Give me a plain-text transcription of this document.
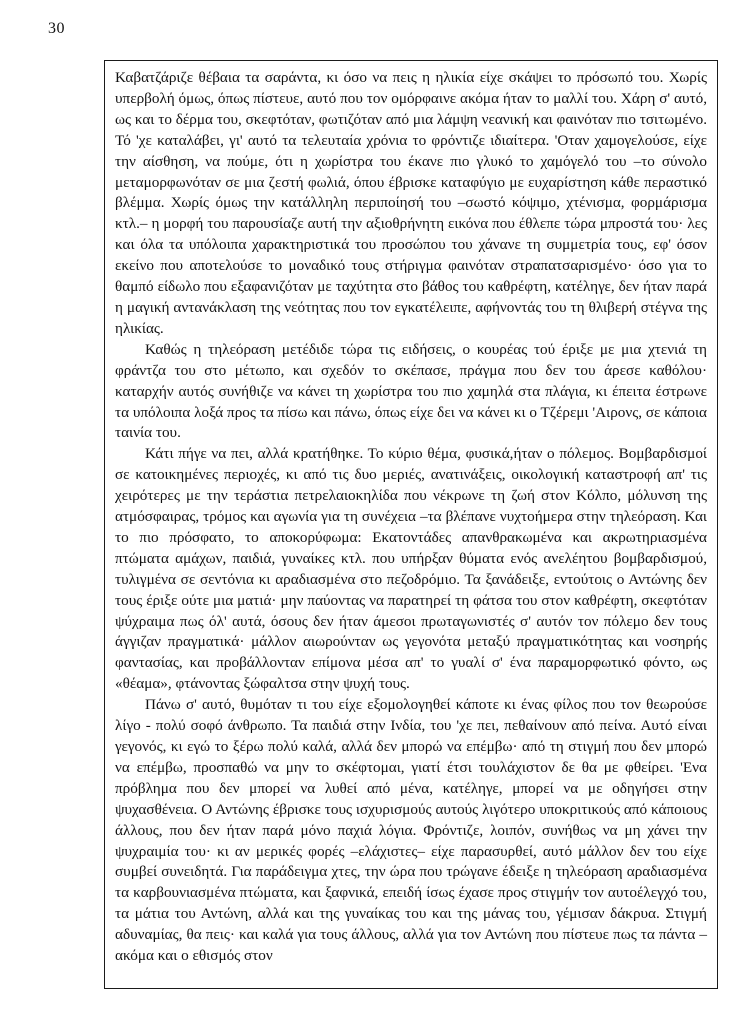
30

Καβατζάριζε θέβαια τα σαράντα, κι όσο να πεις η ηλικία είχε σκάψει το πρόσωπό του. Χωρίς υπερβολή όμως, όπως πίστευε, αυτό που τον ομόρφαινε ακόμα ήταν το μαλλί του. Χάρη σ' αυτό, ως και το δέρμα του, σκεφτόταν, φωτιζόταν από μια λάμψη νεανική και φαινόταν πιο τσιτωμένο. Τό 'χε καταλάβει, γι' αυτό τα τελευταία χρόνια το φρόντιζε ιδιαίτερα. 'Οταν χαμογελούσε, είχε την αίσθηση, να πούμε, ότι η χωρίστρα του έκανε πιο γλυκό το χαμόγελό του –το σύνολο μεταμορφωνόταν σε μια ζεστή φωλιά, όπου έβρισκε καταφύγιο με ευχαρίστηση κάθε περαστικό βλέμμα. Χωρίς όμως την κατάλληλη περιποίησή του –σωστό κόψιμο, χτένισμα, φορμάρισμα κτλ.– η μορφή του παρουσίαζε αυτή την αξιοθρήνητη εικόνα που έθλεπε τώρα μπροστά του· λες και όλα τα υπόλοιπα χαρακτηριστικά του προσώπου του χάνανε τη συμμετρία τους, εφ' όσον εκείνο που αποτελούσε το μοναδικό τους στήριγμα φαινόταν στραπατσαρισμένο· όσο για το θαμπό είδωλο που εξαφανιζόταν με ταχύτητα στο βάθος του καθρέφτη, κατέληγε, δεν ήταν παρά η μαγική αντανάκλαση της νεότητας που τον εγκατέλειπε, αφήνοντάς του τη θλιβερή στέγνα της ηλικίας.

Καθώς η τηλεόραση μετέδιδε τώρα τις ειδήσεις, ο κουρέας τού έριξε με μια χτενιά τη φράντζα του στο μέτωπο, και σχεδόν το σκέπασε, πράγμα που δεν του άρεσε καθόλου· καταρχήν αυτός συνήθιζε να κάνει τη χωρίστρα του πιο χαμηλά στα πλάγια, κι έπειτα έστρωνε τα υπόλοιπα λοξά προς τα πίσω και πάνω, όπως είχε δει να κάνει κι ο Τζέρεμι 'Αιρονς, σε κάποια ταινία του.

Κάτι πήγε να πει, αλλά κρατήθηκε. Το κύριο θέμα, φυσικά,ήταν ο πόλεμος. Βομβαρδισμοί σε κατοικημένες περιοχές, κι από τις δυο μεριές, ανατινάξεις, οικολογική καταστροφή απ' τις χειρότερες με την τεράστια πετρελαιοκηλίδα που νέκρωνε τη ζωή στον Κόλπο, μόλυνση της ατμόσφαιρας, τρόμος και αγωνία για τη συνέχεια –τα βλέπανε νυχτοήμερα στην τηλεόραση. Και το πιο πρόσφατο, το αποκορύφωμα: Εκατοντάδες απανθρακωμένα και ακρωτηριασμένα πτώματα αμάχων, παιδιά, γυναίκες κτλ. που υπήρξαν θύματα ενός ανελέητου βομβαρδισμού, τυλιγμένα σε σεντόνια κι αραδιασμένα στο πεζοδρόμιο. Τα ξανάδειξε, εντούτοις ο Αντώνης δεν τους έριξε ούτε μια ματιά· μην παύοντας να παρατηρεί τη φάτσα του στον καθρέφτη, σκεφτόταν ψύχραιμα πως όλ' αυτά, όσους δεν ήταν άμεσοι πρωταγωνιστές σ' αυτόν τον πόλεμο δεν τους άγγιζαν πραγματικά· μάλλον αιωρούνταν ως γεγονότα μεταξύ πραγματικότητας και νοσηρής φαντασίας, και προβάλλονταν επίμονα μέσα απ' το γυαλί σ' ένα παραμορφωτικό φόντο, ως «θέαμα», φτάνοντας ξώφαλτσα στην ψυχή τους.

Πάνω σ' αυτό, θυμόταν τι του είχε εξομολογηθεί κάποτε κι ένας φίλος που τον θεωρούσε λίγο - πολύ σοφό άνθρωπο. Τα παιδιά στην Ινδία, του 'χε πει, πεθαίνουν από πείνα. Αυτό είναι γεγονός, κι εγώ το ξέρω πολύ καλά, αλλά δεν μπορώ να επέμβω· από τη στιγμή που δεν μπορώ να επέμβω, προσπαθώ να μην το σκέφτομαι, γιατί έτσι τουλάχιστον δε θα με φθείρει. 'Ενα πρόβλημα που δεν μπορεί να λυθεί από μένα, κατέληγε, μπορεί να με οδηγήσει στην ψυχασθένεια. Ο Αντώνης έβρισκε τους ισχυρισμούς αυτούς λιγότερο υποκριτικούς από κάποιους άλλους, που δεν ήταν παρά μόνο παχιά λόγια. Φρόντιζε, λοιπόν, συνήθως να μη χάνει την ψυχραιμία του· κι αν μερικές φορές –ελάχιστες– είχε παρασυρθεί, αυτό μάλλον δεν του είχε συμβεί συνειδητά. Για παράδειγμα χτες, την ώρα που τρώγανε έδειξε η τηλεόραση αραδιασμένα τα καρβουνιασμένα πτώματα, και ξαφνικά, επειδή ίσως έχασε προς στιγμήν τον αυτοέλεγχό του, τα μάτια του Αντώνη, αλλά και της γυναίκας του και της μάνας του, γέμισαν δάκρυα. Στιγμή αδυναμίας, θα πεις· και καλά για τους άλλους, αλλά για τον Αντώνη που πίστευε πως τα πάντα –ακόμα και ο εθισμός στον
